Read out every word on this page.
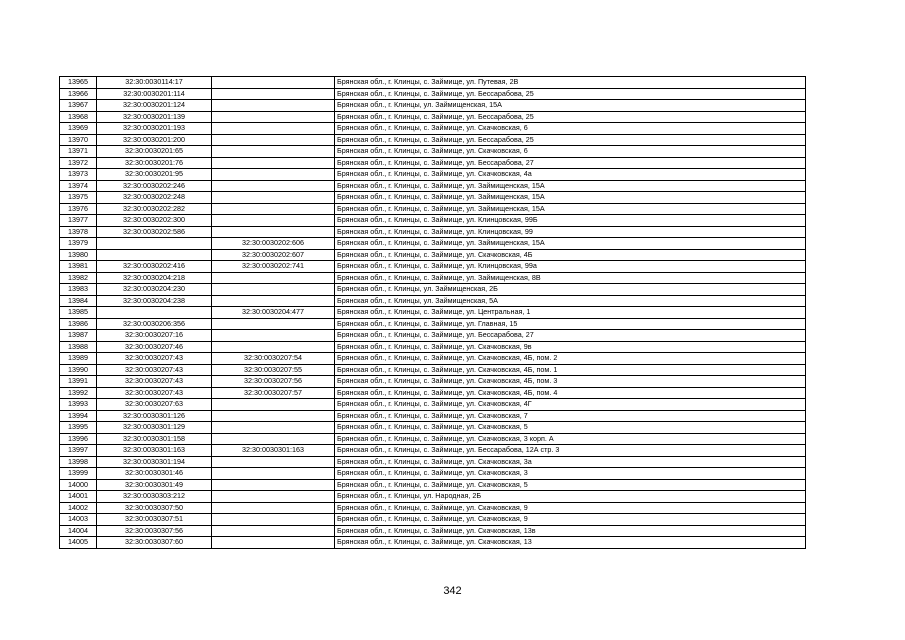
13965	32:30:0030114:17		Брянская обл., г. Клинцы, с. Займище, ул. Путевая, 2В
13966	32:30:0030201:114		Брянская обл., г. Клинцы, с. Займище, ул. Бессарабова, 25
13967	32:30:0030201:124		Брянская обл., г. Клинцы, ул. Займищенская, 15А
13968	32:30:0030201:139		Брянская обл., г. Клинцы, с. Займище, ул. Бессарабова, 25
13969	32:30:0030201:193		Брянская обл., г. Клинцы, с. Займище, ул. Скачковская, 6
13970	32:30:0030201:200		Брянская обл., г. Клинцы, с. Займище, ул. Бессарабова, 25
13971	32:30:0030201:65		Брянская обл., г. Клинцы, с. Займище, ул. Скачковская, 6
13972	32:30:0030201:76		Брянская обл., г. Клинцы, с. Займище, ул. Бессарабова, 27
13973	32:30:0030201:95		Брянская обл., г. Клинцы, с. Займище, ул. Скачковская, 4а
13974	32:30:0030202:246		Брянская обл., г. Клинцы, с. Займище, ул. Займищенская, 15А
13975	32:30:0030202:248		Брянская обл., г. Клинцы, с. Займище, ул. Займищенская, 15А
13976	32:30:0030202:282		Брянская обл., г. Клинцы, с. Займище, ул. Займищенская, 15А
13977	32:30:0030202:300		Брянская обл., г. Клинцы, с. Займище, ул. Клинцовская, 99Б
13978	32:30:0030202:586		Брянская обл., г. Клинцы, с. Займище, ул. Клинцовская, 99
13979		32:30:0030202:606	Брянская обл., г. Клинцы, с. Займище, ул. Займищенская, 15А
13980		32:30:0030202:607	Брянская обл., г. Клинцы, с. Займище, ул. Скачковская, 4Б
13981	32:30:0030202:416	32:30:0030202:741	Брянская обл., г. Клинцы, с. Займище, ул. Клинцовская, 99а
13982	32:30:0030204:218		Брянская обл., г. Клинцы, с. Займище, ул. Займищенская, 8В
13983	32:30:0030204:230		Брянская обл., г. Клинцы, ул. Займищенская, 2Б
13984	32:30:0030204:238		Брянская обл., г. Клинцы, ул. Займищенская, 5А
13985		32:30:0030204:477	Брянская обл., г. Клинцы, с. Займище, ул. Центральная, 1
13986	32:30:0030206:356		Брянская обл., г. Клинцы, с. Займище, ул. Главная, 15
13987	32:30:0030207:16		Брянская обл., г. Клинцы, с. Займище, ул. Бессарабова, 27
13988	32:30:0030207:46		Брянская обл., г. Клинцы, с. Займище, ул. Скачковская, 9в
13989	32:30:0030207:43	32:30:0030207:54	Брянская обл., г. Клинцы, с. Займище, ул. Скачковская, 4Б, пом. 2
13990	32:30:0030207:43	32:30:0030207:55	Брянская обл., г. Клинцы, с. Займище, ул. Скачковская, 4Б, пом. 1
13991	32:30:0030207:43	32:30:0030207:56	Брянская обл., г. Клинцы, с. Займище, ул. Скачковская, 4Б, пом. 3
13992	32:30:0030207:43	32:30:0030207:57	Брянская обл., г. Клинцы, с. Займище, ул. Скачковская, 4Б, пом. 4
13993	32:30:0030207:63		Брянская обл., г. Клинцы, с. Займище, ул. Скачковская, 4Г
13994	32:30:0030301:126		Брянская обл., г. Клинцы, с. Займище, ул. Скачковская, 7
13995	32:30:0030301:129		Брянская обл., г. Клинцы, с. Займище, ул. Скачковская, 5
13996	32:30:0030301:158		Брянская обл., г. Клинцы, с. Займище, ул. Скачковская, 3 корп. А
13997	32:30:0030301:163	32:30:0030301:163	Брянская обл., г. Клинцы, с. Займище, ул. Бессарабова, 12А стр. 3
13998	32:30:0030301:194		Брянская обл., г. Клинцы, с. Займище, ул. Скачковская, 3а
13999	32:30:0030301:46		Брянская обл., г. Клинцы, с. Займище, ул. Скачковская, 3
14000	32:30:0030301:49		Брянская обл., г. Клинцы, с. Займище, ул. Скачковская, 5
14001	32:30:0030303:212		Брянская обл., г. Клинцы, ул. Народная, 2Б
14002	32:30:0030307:50		Брянская обл., г. Клинцы, с. Займище, ул. Скачковская, 9
14003	32:30:0030307:51		Брянская обл., г. Клинцы, с. Займище, ул. Скачковская, 9
14004	32:30:0030307:56		Брянская обл., г. Клинцы, с. Займище, ул. Скачковская, 13в
14005	32:30:0030307:60		Брянская обл., г. Клинцы, с. Займище, ул. Скачковская, 13
342
